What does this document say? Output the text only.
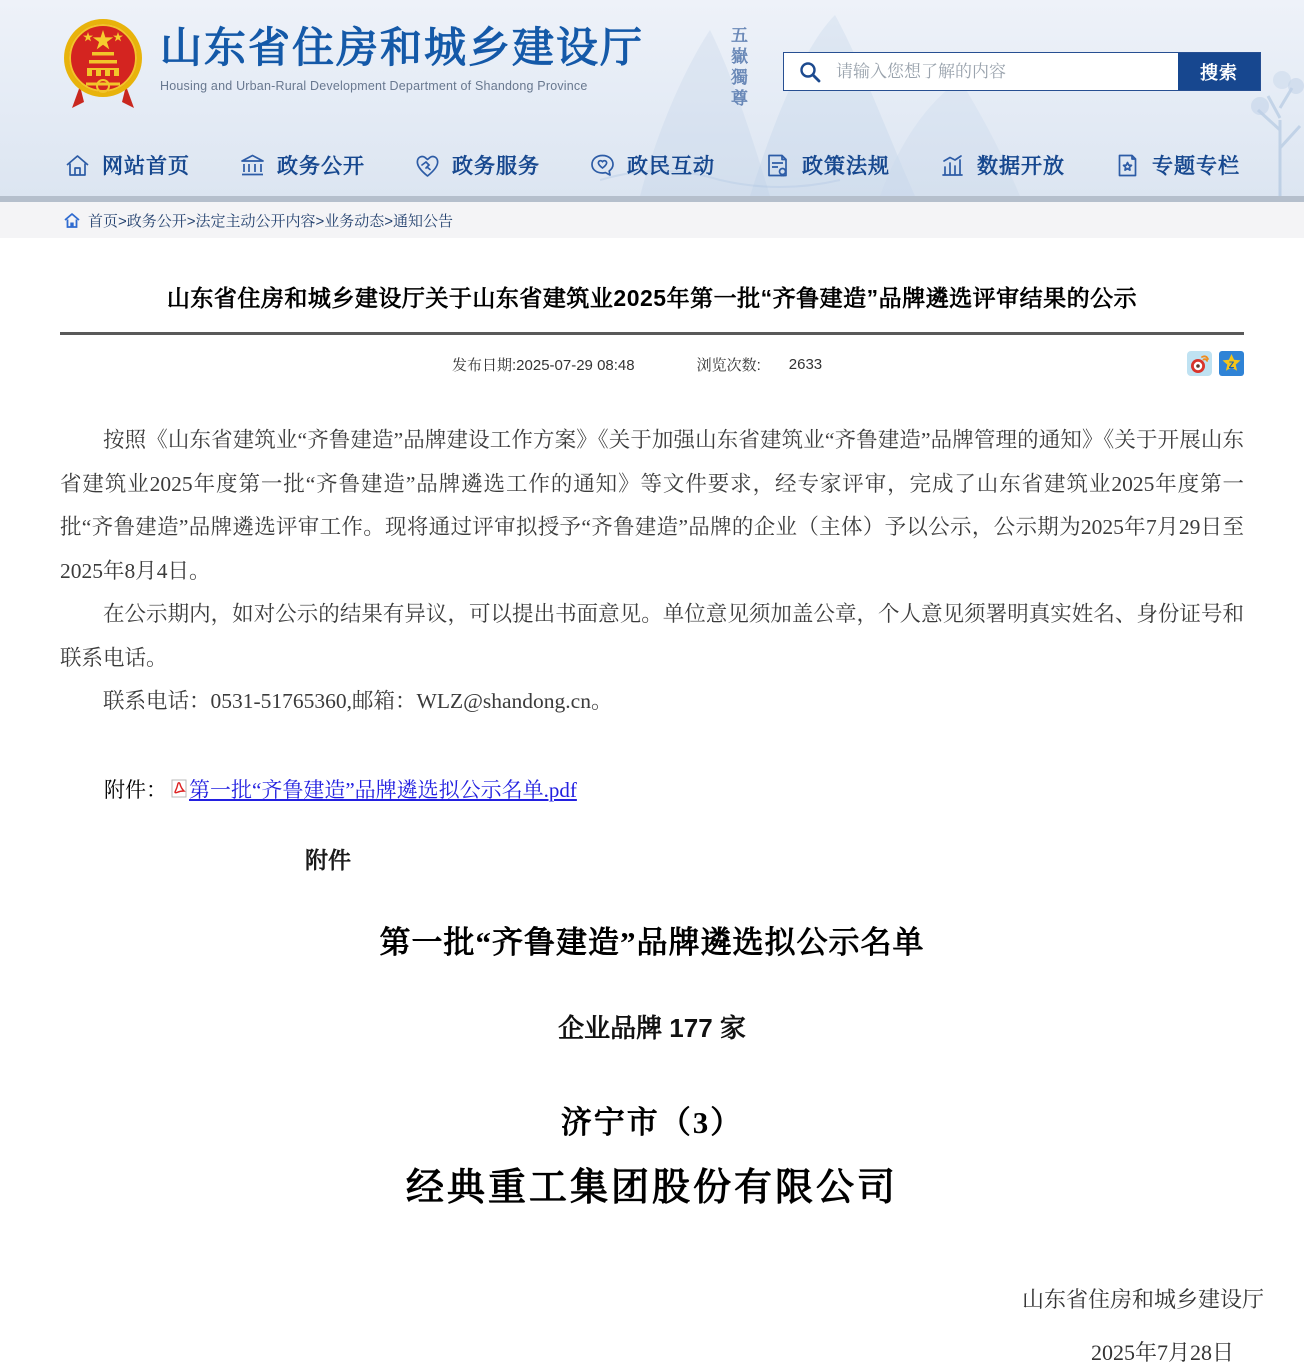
五嶽獨尊
山东省住房和城乡建设厅
Housing and Urban-Rural Development Department of Shandong Province
请输入您想了解的内容
搜索
网站首页	政务公开	政务服务	政民互动	政策法规	数据开放	专题专栏
首页>政务公开>法定主动公开内容>业务动态>通知公告
山东省住房和城乡建设厅关于山东省建筑业2025年第一批“齐鲁建造”品牌遴选评审结果的公示
发布日期:2025-07-29 08:48	浏览次数: 2633	Z

按照《山东省建筑业“齐鲁建造”品牌建设工作方案》《关于加强山东省建筑业“齐鲁建造”品牌管理的通知》《关于开展山东省建筑业2025年度第一批“齐鲁建造”品牌遴选工作的通知》等文件要求，经专家评审，完成了山东省建筑业2025年度第一批“齐鲁建造”品牌遴选评审工作。现将通过评审拟授予“齐鲁建造”品牌的企业（主体）予以公示，公示期为2025年7月29日至2025年8月4日。

在公示期内，如对公示的结果有异议，可以提出书面意见。单位意见须加盖公章，个人意见须署明真实姓名、身份证号和联系电话。

联系电话：0531-51765360,邮箱：WLZ@shandong.cn。

附件： 第一批“齐鲁建造”品牌遴选拟公示名单.pdf
附件
第一批“齐鲁建造”品牌遴选拟公示名单
企业品牌 177 家
济宁市（3）
经典重工集团股份有限公司
山东省住房和城乡建设厅
2025年7月28日
